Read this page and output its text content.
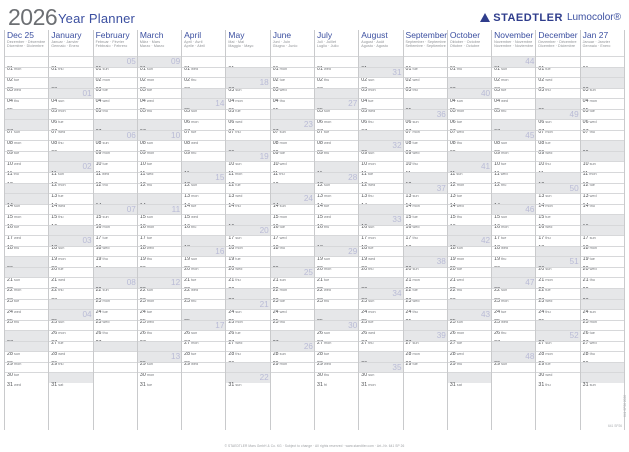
2026 Year Planner	STAEDTLER Lumocolor®
Dec 25
Dezember · Décembre
Dicembre · Diciembre
01mon
02tue
03wed
04thu
07sun
08mon
09tue
10wed
11thu
14sun
15mon
16tue
17wed
18thu
21sun
22mon
23tue
24wed
25thu
28sun
29mon
30tue
31wed
January
Januar · Janvier
Gennaio · Enero
01thu
04sun
01
05mon
06tue
07wed
08thu
11sun
02
12mon
13tue
14wed
15thu
18sun
03
19mon
20tue
21wed
22thu
25sun
04
26mon
27tue
28wed
29thu
31sat
February
Februar · Février
Febbraio · Febrero
01sun
05
02mon
03tue
04wed
05thu
08sun
06
09mon
10tue
11wed
12thu
15sun
07
16mon
17tue
18wed
19thu
22sun
08
23mon
24tue
25wed
26thu
March
März · Mars
Marzo · Marzo
01sun
09
02mon
03tue
04wed
05thu
08sun
10
09mon
10tue
11wed
12thu
15sun
11
16mon
17tue
18wed
19thu
22sun
12
23mon
24tue
25wed
26thu
29sun
13
30mon
31tue
April
April · Avril
Aprile · Abril
01wed
02thu
05sun
14
06mon
07tue
08wed
09thu
12sun
15
13mon
14tue
15wed
16thu
19sun
16
20mon
21tue
22wed
23thu
26sun
17
27mon
28tue
29wed
May
Mai · Mai
Maggio · Mayo
03sun
18
04mon
05tue
06wed
07thu
10sun
19
11mon
12tue
13wed
14thu
17sun
20
18mon
19tue
20wed
21thu
24sun
21
25mon
26tue
27wed
28thu
31sun
22
June
Juni · Juin
Giugno · Junio
01mon
02tue
03wed
04thu
07sun
23
08mon
09tue
10wed
11thu
14sun
24
15mon
16tue
17wed
18thu
21sun
25
22mon
23tue
24wed
25thu
28sun
26
29mon
July
Juli · Juillet
Luglio · Julio
01wed
02thu
05sun
27
06mon
07tue
08wed
09thu
12sun
28
13mon
14tue
15wed
16thu
19sun
29
20mon
21tue
22wed
23thu
26sun
30
27mon
28tue
29wed
30thu
31fri
August
August · Août
Agosto · Agosto
02sun
31
03mon
04tue
05wed
06thu
09sun
32
10mon
11tue
12wed
13thu
16sun
33
17mon
18tue
19wed
20thu
23sun
34
24mon
25tue
26wed
27thu
30sun
35
31mon
September
September · Septembre
Settembre · Septiembre
01tue
02wed
03thu
06sun
36
07mon
08tue
09wed
10thu
13sun
37
14mon
15tue
16wed
17thu
20sun
38
21mon
22tue
23wed
24thu
27sun
39
28mon
29tue
October
Oktober · Octobre
Ottobre · Octubre
01thu
04sun
40
05mon
06tue
07wed
08thu
11sun
41
12mon
13tue
14wed
15thu
18sun
42
19mon
20tue
21wed
22thu
25sun
43
26mon
27tue
28wed
29thu
31sat
November
November · Novembre
Novembre · Noviembre
01sun
44
02mon
03tue
04wed
05thu
08sun
45
09mon
10tue
11wed
12thu
15sun
46
16mon
17tue
18wed
19thu
22sun
47
23mon
24tue
25wed
26thu
29sun
48
December
Dezember · Décembre
Dicembre · Diciembre
01tue
02wed
03thu
06sun
49
07mon
08tue
09wed
10thu
13sun
50
14mon
15tue
16wed
17thu
20sun
51
21mon
22tue
23wed
24thu
27sun
52
28mon
29tue
30wed
31thu
Jan 27
Januar · Janvier
Gennaio · Enero
03sun
04mon
05tue
06wed
07thu
10sun
11mon
12tue
13wed
14thu
17sun
18mon
19tue
20wed
21thu
24sun
25mon
26tue
27wed
28thu
31sun
641 SP26 2026
641 SP26
© STAEDTLER Mars GmbH & Co. KG · Subject to change · All rights reserved · www.staedtler.com · Art.-Nr. 641 SP 26
